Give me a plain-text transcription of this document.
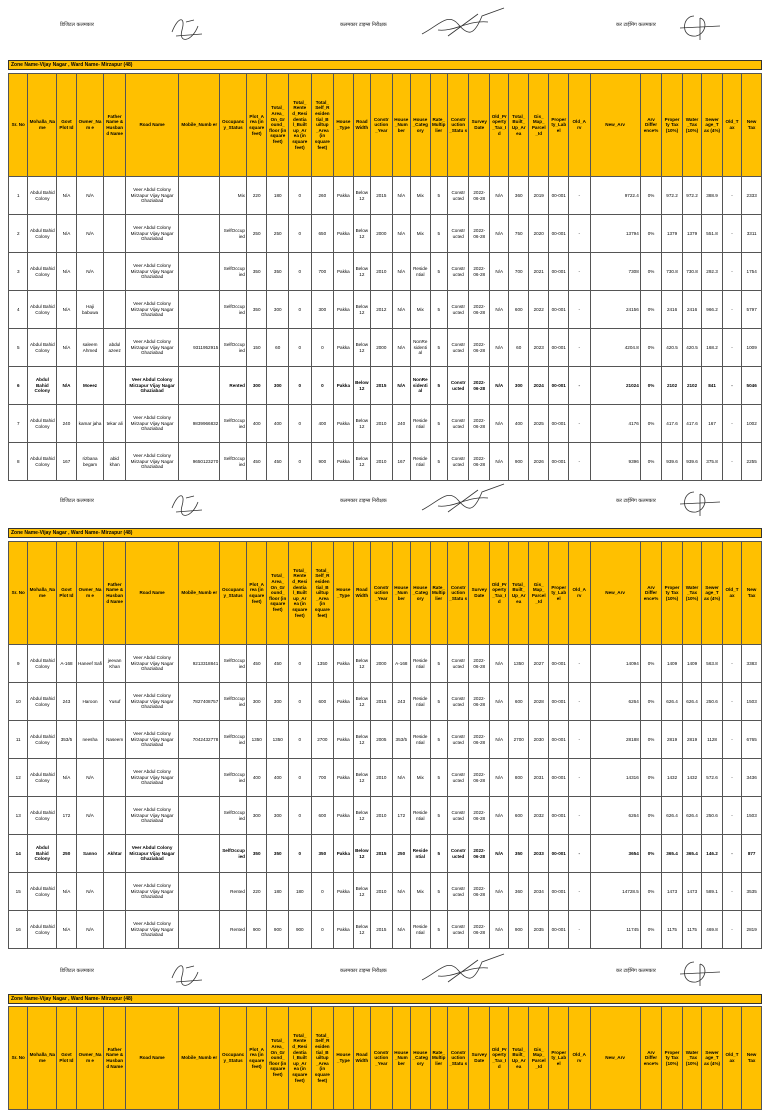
डिजिटल कलमकार	कलमकार टाइम्स निरीक्षक	कर टाईमिंग कलमकार
Zone Name-Vijay Nagar , Ward Name- Mirzapur (48)
Sr. No	Mohalla_Na me	Govt Plot Id	Owner_Nam e	Father Name & Husban d Name	Road Name	Mobile_Numb er	Occupanc y_Status	Plot_A rea (in square feet)	Total_ Area_ On_Gr ound_ floor (in square feet)	Total_ Rente d_Resi dentia l_Built up_Ar ea (in square feet)	Total_ Self_R esiden tial_B uiltup _Area (in square feet)	House _Type	Road Width	Constr uction _Year	House _Num ber	House _Categ ory	Rate_ Multip lier	Constr uction _Statu s	Survey Date	Old_Pr operty _Tax_I d	Total_ Built_ Up_Ar ea	Gis_ Map_ Parcel _Id	Proper ty_Lab el	Old_A rv	New_Arv	Arv Differ ence%	Proper ty Tax (10%)	Water _Tax (10%)	Sewer age_T ax (4%)	Old_T ax	New Tax
1	Abdul Bahid Colony	N/A	N/A		Veer Abdul Colony Mirzapur Vijay Nagar Ghaziabad		Mix	220	180	0	260	Pakka	Below 12	2015	N/A	Mix	5	Constr ucted	2022-06-28	N/A	360	2019	00-001	-	9722.4	0%	972.2	972.2	388.9	-	2333
2	Abdul Bahid Colony	N/A	N/A		Veer Abdul Colony Mirzapur Vijay Nagar Ghaziabad		SelfOccup ied	250	250	0	650	Pakka	Below 12	2000	N/A	Mix	5	Constr ucted	2022-06-28	N/A	750	2020	00-001	-	13794	0%	1379	1379	551.8	-	3311
3	Abdul Bahid Colony	N/A	N/A		Veer Abdul Colony Mirzapur Vijay Nagar Ghaziabad		SelfOccup ied	350	350	0	700	Pakka	Below 12	2010	N/A	Reside ntial	5	Constr ucted	2022-06-28	N/A	700	2021	00-001	-	7308	0%	730.8	730.8	292.3	-	1754
4	Abdul Bahid Colony	N/A	Haji babuwa		Veer Abdul Colony Mirzapur Vijay Nagar Ghaziabad		SelfOccup ied	350	300	0	300	Pakka	Below 12	2012	N/A	Mix	5	Constr ucted	2022-06-28	N/A	600	2022	00-001	-	24156	0%	2416	2416	966.2	-	5797
5	Abdul Bahid Colony	N/A	saleem Ahmed	abdul azeez	Veer Abdul Colony Mirzapur Vijay Nagar Ghaziabad	9311952915	SelfOccup ied	150	60	0	0	Pakka	Below 12	2000	N/A	NonRe sidenti al	5	Constr ucted	2022-06-28	N/A	60	2023	00-001	-	4204.8	0%	420.5	420.5	168.2	-	1009
6	Abdul Bahid Colony	N/A	Moeez		Veer Abdul Colony Mirzapur Vijay Nagar Ghaziabad		Rented	300	300	0	0	Pakka	Below 12	2015	N/A	NonRe sidenti al	5	Constr ucted	2022-06-28	N/A	300	2024	00-001	-	21024	0%	2102	2102	841	-	5046
7	Abdul Bahid Colony	240	kamar jaha	tekar ali	Veer Abdul Colony Mirzapur Vijay Nagar Ghaziabad	9839966832	SelfOccup ied	400	400	0	400	Pakka	Below 12	2010	240	Reside ntial	5	Constr ucted	2022-06-28	N/A	400	2025	00-001	-	4176	0%	417.6	417.6	167	-	1002
8	Abdul Bahid Colony	167	rizbana begam	abid khan	Veer Abdul Colony Mirzapur Vijay Nagar Ghaziabad	9650123270	SelfOccup ied	450	450	0	900	Pakka	Below 12	2010	167	Reside ntial	5	Constr ucted	2022-06-28	N/A	900	2026	00-001	-	9396	0%	939.6	939.6	375.8	-	2255
डिजिटल कलमकार	कलमकार टाइम्स निरीक्षक	कर टाईमिंग कलमकार
Zone Name-Vijay Nagar , Ward Name- Mirzapur (48)
Sr. No	Mohalla_Na me	Govt Plot Id	Owner_Nam e	Father Name & Husban d Name	Road Name	Mobile_Numb er	Occupanc y_Status	Plot_A rea (in square feet)	Total_ Area_ On_Gr ound_ floor (in square feet)	Total_ Rente d_Resi dentia l_Built up_Ar ea (in square feet)	Total_ Self_R esiden tial_B uiltup _Area (in square feet)	House _Type	Road Width	Constr uction _Year	House _Num ber	House _Categ ory	Rate_ Multip lier	Constr uction _Statu s	Survey Date	Old_Pr operty _Tax_I d	Total_ Built_ Up_Ar ea	Gis_ Map_ Parcel _Id	Proper ty_Lab el	Old_A rv	New_Arv	Arv Differ ence%	Proper ty Tax (10%)	Water _Tax (10%)	Sewer age_T ax (4%)	Old_T ax	New Tax
9	Abdul Bahid Colony	A-168	Haneef Safi	jeevan Khan	Veer Abdul Colony Mirzapur Vijay Nagar Ghaziabad	9213318841	SelfOccup ied	450	450	0	1350	Pakka	Below 12	2000	A-168	Reside ntial	5	Constr ucted	2022-06-28	N/A	1350	2027	00-001	-	14094	0%	1409	1409	563.8	-	3383
10	Abdul Bahid Colony	243	Haroon	Yusuf	Veer Abdul Colony Mirzapur Vijay Nagar Ghaziabad	7827408757	SelfOccup ied	300	300	0	600	Pakka	Below 12	2015	243	Reside ntial	5	Constr ucted	2022-06-28	N/A	600	2028	00-001	-	6264	0%	626.4	626.4	250.6	-	1503
11	Abdul Bahid Colony	353/5	neesha	Naseem	Veer Abdul Colony Mirzapur Vijay Nagar Ghaziabad	7042432778	SelfOccup ied	1350	1350	0	2700	Pakka	Below 12	2005	353/5	Reside ntial	5	Constr ucted	2022-06-28	N/A	2700	2030	00-001	-	28188	0%	2819	2819	1128	-	6765
12	Abdul Bahid Colony	N/A	N/A		Veer Abdul Colony Mirzapur Vijay Nagar Ghaziabad		SelfOccup ied	400	400	0	700	Pakka	Below 12	2010	N/A	Mix	5	Constr ucted	2022-06-28	N/A	800	2031	00-001	-	14316	0%	1432	1432	572.6	-	3436
13	Abdul Bahid Colony	172	N/A		Veer Abdul Colony Mirzapur Vijay Nagar Ghaziabad		SelfOccup ied	300	300	0	600	Pakka	Below 12	2010	172	Reside ntial	5	Constr ucted	2022-06-28	N/A	600	2032	00-001	-	6264	0%	626.4	626.4	250.6	-	1503
14	Abdul Bahid Colony	250	Sanno	Akhtar	Veer Abdul Colony Mirzapur Vijay Nagar Ghaziabad		SelfOccup ied	350	350	0	350	Pakka	Below 12	2015	250	Reside ntial	5	Constr ucted	2022-06-28	N/A	350	2033	00-001	-	3654	0%	365.4	365.4	146.2	-	877
15	Abdul Bahid Colony	N/A	N/A		Veer Abdul Colony Mirzapur Vijay Nagar Ghaziabad		Rented	220	180	180	0	Pakka	Below 12	2010	N/A	Mix	5	Constr ucted	2022-06-28	N/A	360	2034	00-001	-	14728.5	0%	1473	1473	589.1	-	3535
16	Abdul Bahid Colony	N/A	N/A		Veer Abdul Colony Mirzapur Vijay Nagar Ghaziabad		Rented	900	900	900	0	Pakka	Below 12	2015	N/A	Reside ntial	5	Constr ucted	2022-06-28	N/A	900	2035	00-001	-	11745	0%	1175	1175	469.8	-	2819
डिजिटल कलमकार	कलमकार टाइम्स निरीक्षक	कर टाईमिंग कलमकार
Zone Name-Vijay Nagar , Ward Name- Mirzapur (48)
Sr. No	Mohalla_Na me	Govt Plot Id	Owner_Nam e	Father Name & Husban d Name	Road Name	Mobile_Numb er	Occupanc y_Status	Plot_A rea (in square feet)	Total_ Area_ On_Gr ound_ floor (in square feet)	Total_ Rente d_Resi dentia l_Built up_Ar ea (in square feet)	Total_ Self_R esiden tial_B uiltup _Area (in square feet)	House _Type	Road Width	Constr uction _Year	House _Num ber	House _Categ ory	Rate_ Multip lier	Constr uction _Statu s	Survey Date	Old_Pr operty _Tax_I d	Total_ Built_ Up_Ar ea	Gis_ Map_ Parcel _Id	Proper ty_Lab el	Old_A rv	New_Arv	Arv Differ ence%	Proper ty Tax (10%)	Water _Tax (10%)	Sewer age_T ax (4%)	Old_T ax	New Tax
